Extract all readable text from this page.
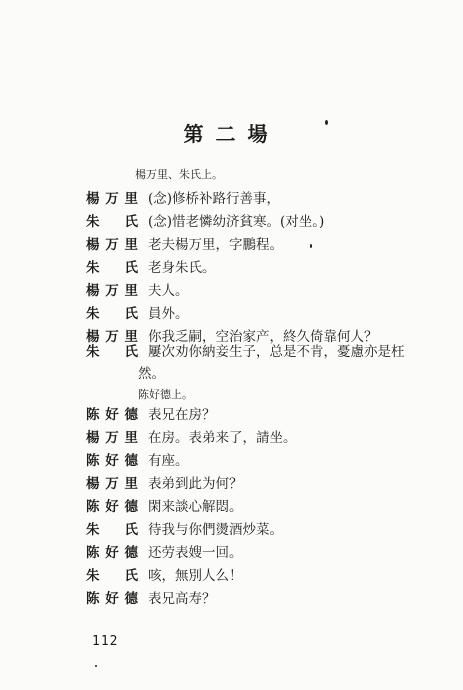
第二場
楊万里、朱氏上。
楊万里 (念)修桥补路行善事，
朱　氏 (念)惜老憐幼济貧寒。(对坐。)
楊万里 老夫楊万里，字鵬程。
朱　氏 老身朱氏。
楊万里 夫人。
朱　氏 員外。
楊万里 你我乏嗣，空治家产，終久倚靠何人？
朱　氏 屢次劝你納妾生子，总是不肯，憂慮亦是枉
然。
陈好德上。
陈好德 表兄在房？
楊万里 在房。表弟来了，請坐。
陈好德 有座。
楊万里 表弟到此为何？
陈好德 閑来談心解悶。
朱　氏 待我与你們燙酒炒菜。
陈好德 还劳表嫂一回。
朱　氏 咳，無別人么！
陈好德 表兄高寿？
112
